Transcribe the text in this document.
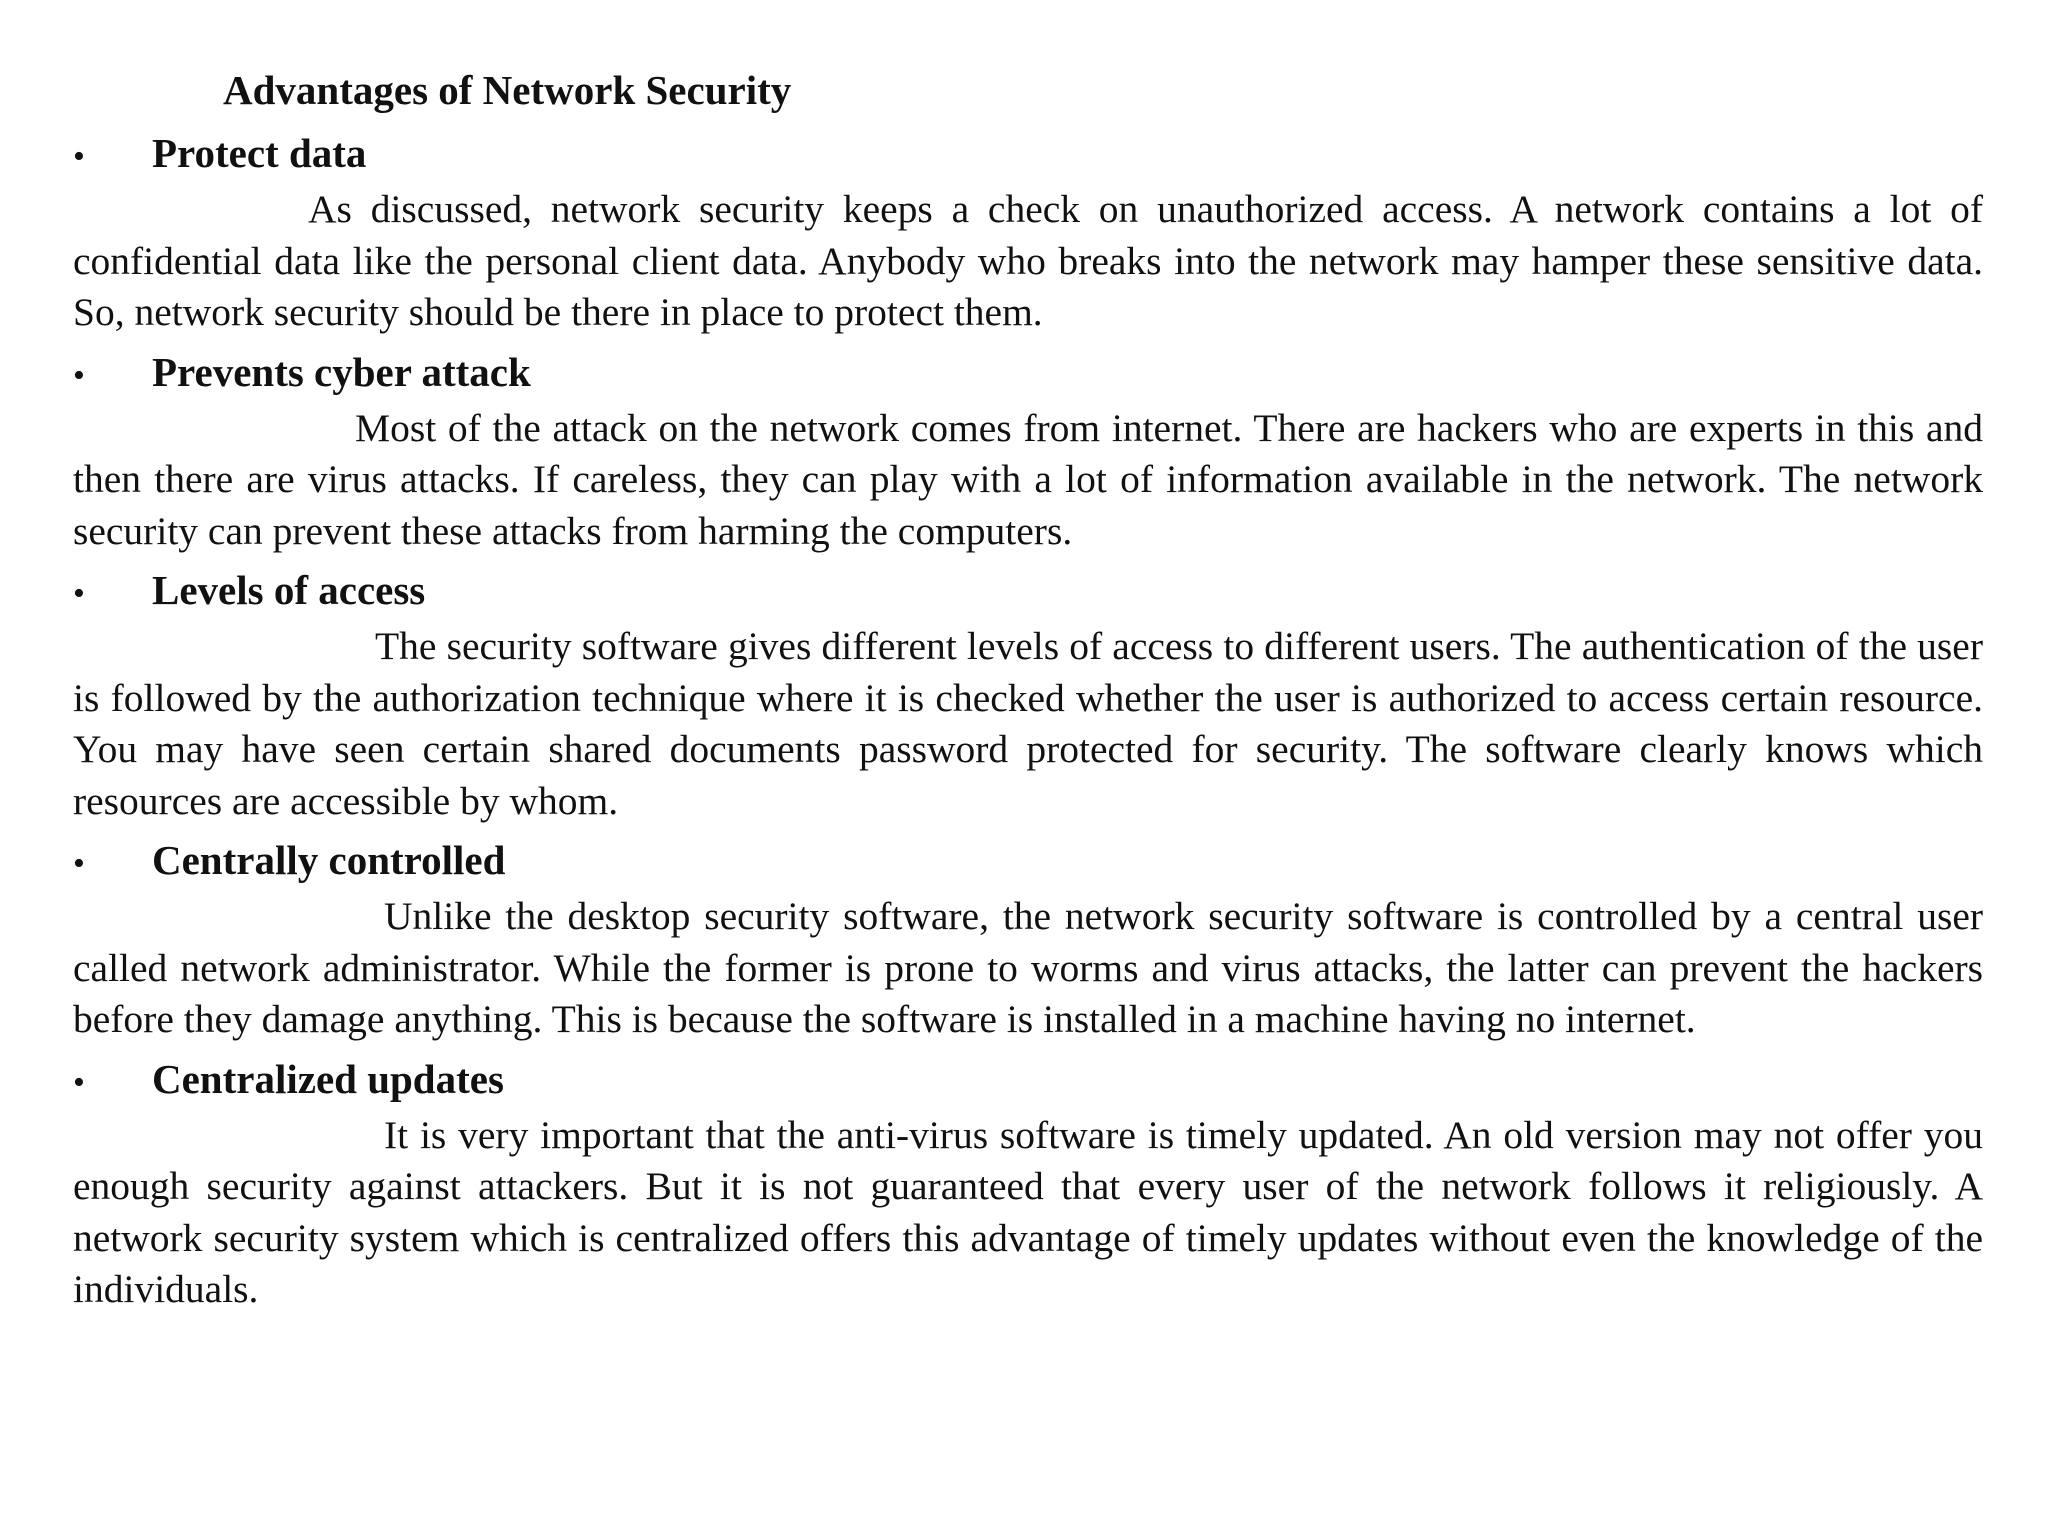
Advantages of Network Security
•	Protect data

As discussed, network security keeps a check on unauthorized access. A network contains a lot of confidential data like the personal client data. Anybody who breaks into the network may hamper these sensitive data. So, network security should be there in place to protect them.

•	Prevents cyber attack

Most of the attack on the network comes from internet. There are hackers who are experts in this and then there are virus attacks. If careless, they can play with a lot of information available in the network. The network security can prevent these attacks from harming the computers.

•	Levels of access

The security software gives different levels of access to different users. The authentication of the user is followed by the authorization technique where it is checked whether the user is authorized to access certain resource. You may have seen certain shared documents password protected for security. The software clearly knows which resources are accessible by whom.

•	Centrally controlled

Unlike the desktop security software, the network security software is controlled by a central user called network administrator. While the former is prone to worms and virus attacks, the latter can prevent the hackers before they damage anything. This is because the software is installed in a machine having no internet.

•	Centralized updates

It is very important that the anti-virus software is timely updated. An old version may not offer you enough security against attackers. But it is not guaranteed that every user of the network follows it religiously. A network security system which is centralized offers this advantage of timely updates without even the knowledge of the individuals.
